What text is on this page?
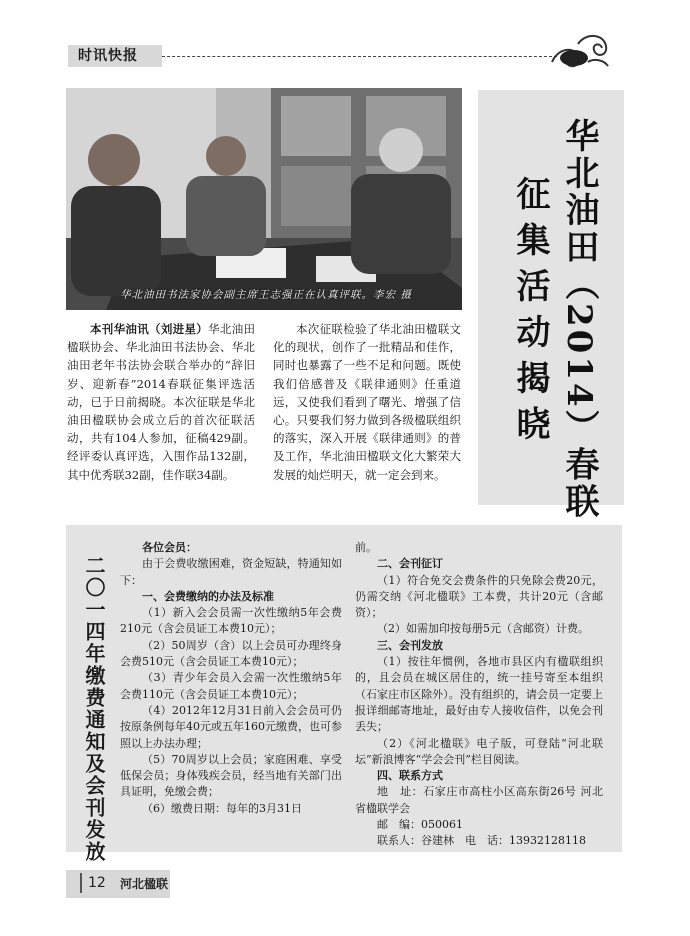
时讯快报
华北油田书法家协会副主席王志强正在认真评联。李宏 摄	华北油田（2014）春联
征集活动揭晓

本刊华油讯（刘进星）华北油田楹联协会、华北油田书法协会、华北油田老年书法协会联合举办的“辞旧岁、迎新春”2014春联征集评选活动，已于日前揭晓。本次征联是华北油田楹联协会成立后的首次征联活动，共有104人参加，征稿429副。经评委认真评选，入围作品132副，其中优秀联32副，佳作联34副。

本次征联检验了华北油田楹联文化的现状，创作了一批精品和佳作，同时也暴露了一些不足和问题。既使我们倍感普及《联律通则》任重道远，又使我们看到了曙光、增强了信心。只要我们努力做到各级楹联组织的落实，深入开展《联律通则》的普及工作，华北油田楹联文化大繁荣大发展的灿烂明天，就一定会到来。

二〇一四年缴费通知及会刊发放

各位会员：

由于会费收缴困难，资金短缺，特通知如下：

一、会费缴纳的办法及标准

（1）新入会会员需一次性缴纳5年会费210元（含会员证工本费10元）；

（2）50周岁（含）以上会员可办理终身会费510元（含会员证工本费10元）；

（3）青少年会员入会需一次性缴纳5年会费110元（含会员证工本费10元）；

（4）2012年12月31日前入会会员可仍按原条例每年40元或五年160元缴费，也可参照以上办法办理；

（5）70周岁以上会员；家庭困难、享受低保会员；身体残疾会员，经当地有关部门出具证明，免缴会费；

（6）缴费日期：每年的3月31日

前。

二、会刊征订

（1）符合免交会费条件的只免除会费20元，仍需交纳《河北楹联》工本费，共计20元（含邮资）；

（2）如需加印按每册5元（含邮资）计费。

三、会刊发放

（1）按往年惯例，各地市县区内有楹联组织的，且会员在城区居住的，统一挂号寄至本组织（石家庄市区除外）。没有组织的，请会员一定要上报详细邮寄地址，最好由专人接收信件，以免会刊丢失；

（2）《河北楹联》电子版，可登陆“河北联坛”新浪博客“学会会刊”栏目阅读。

四、联系方式

地　址：石家庄市高柱小区高东街26号 河北省楹联学会

邮　编：050061

联系人：谷建林　电　话：13932128118

12 河北楹联
